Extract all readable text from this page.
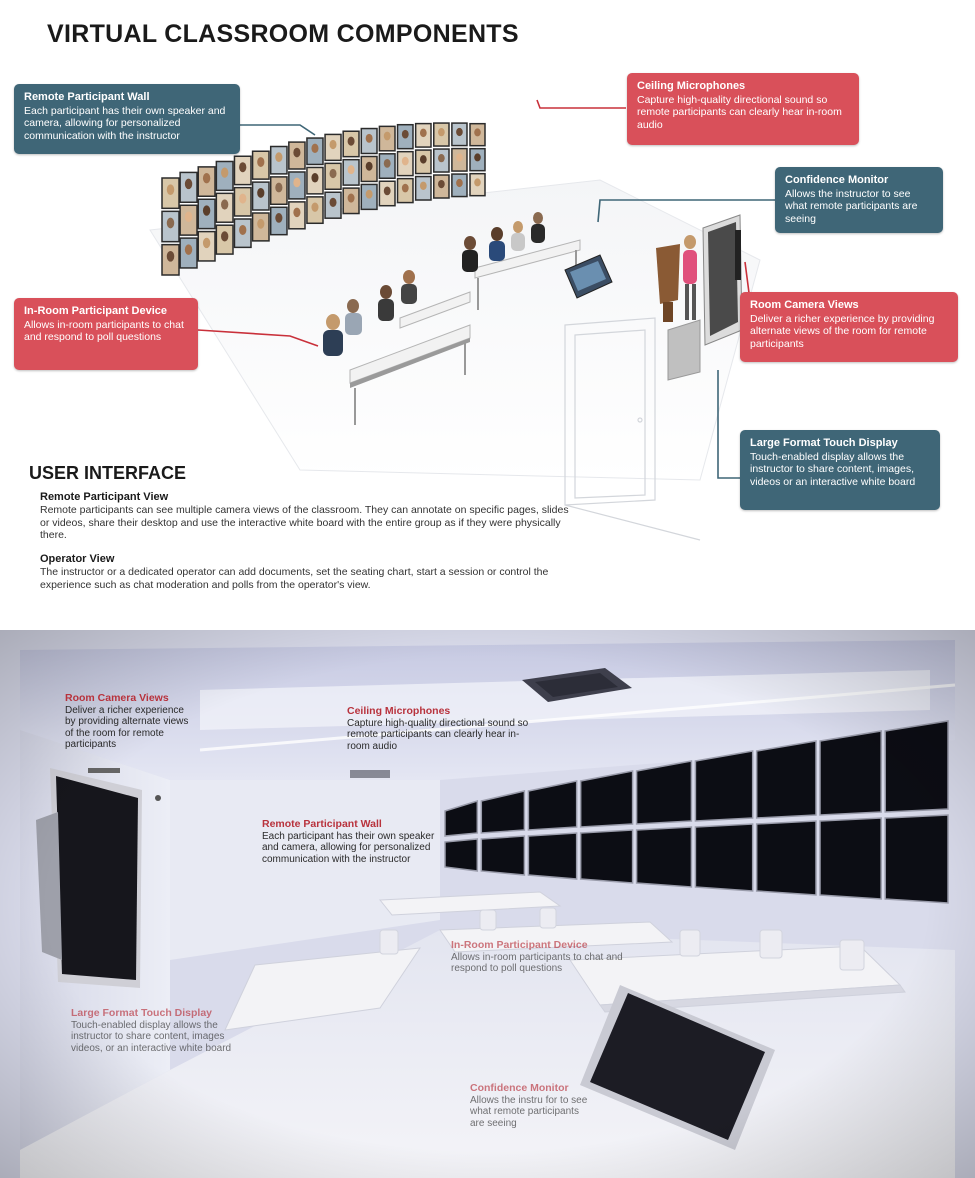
VIRTUAL CLASSROOM COMPONENTS
Remote Participant Wall
Each participant has their own speaker and camera, allowing for personalized communication with the instructor
Ceiling Microphones
Capture high-quality directional sound so remote participants can clearly hear in-room audio
Confidence Monitor
Allows the instructor to see what remote participants are seeing
Room Camera Views
Deliver a richer experience by providing alternate views of the room for remote participants
In-Room Participant Device
Allows in-room participants to chat and respond to poll questions
Large Format Touch Display
Touch-enabled display allows the instructor to share content, images, videos or an interactive white board
USER INTERFACE
Remote Participant View
Remote participants can see multiple camera views of the classroom. They can annotate on specific pages, slides or videos, share their desktop and use the interactive white board with the entire group as if they were physically there.
Operator View
The instructor or a dedicated operator can add documents, set the seating chart, start a session or control the experience such as chat moderation and polls from the operator's view.
Room Camera Views
Deliver a richer experience by providing alternate views of the room for remote participants
Ceiling Microphones
Capture high-quality directional sound so remote participants can clearly hear in-room audio
Remote Participant Wall
Each participant has their own speaker and camera, allowing for personalized communication with the instructor
In-Room Participant Device
Allows in-room participants to chat and respond to poll questions
Large Format Touch Display
Touch-enabled display allows the instructor to share content, images videos, or an interactive white board
Confidence Monitor
Allows the instru for to see what remote participants are seeing
